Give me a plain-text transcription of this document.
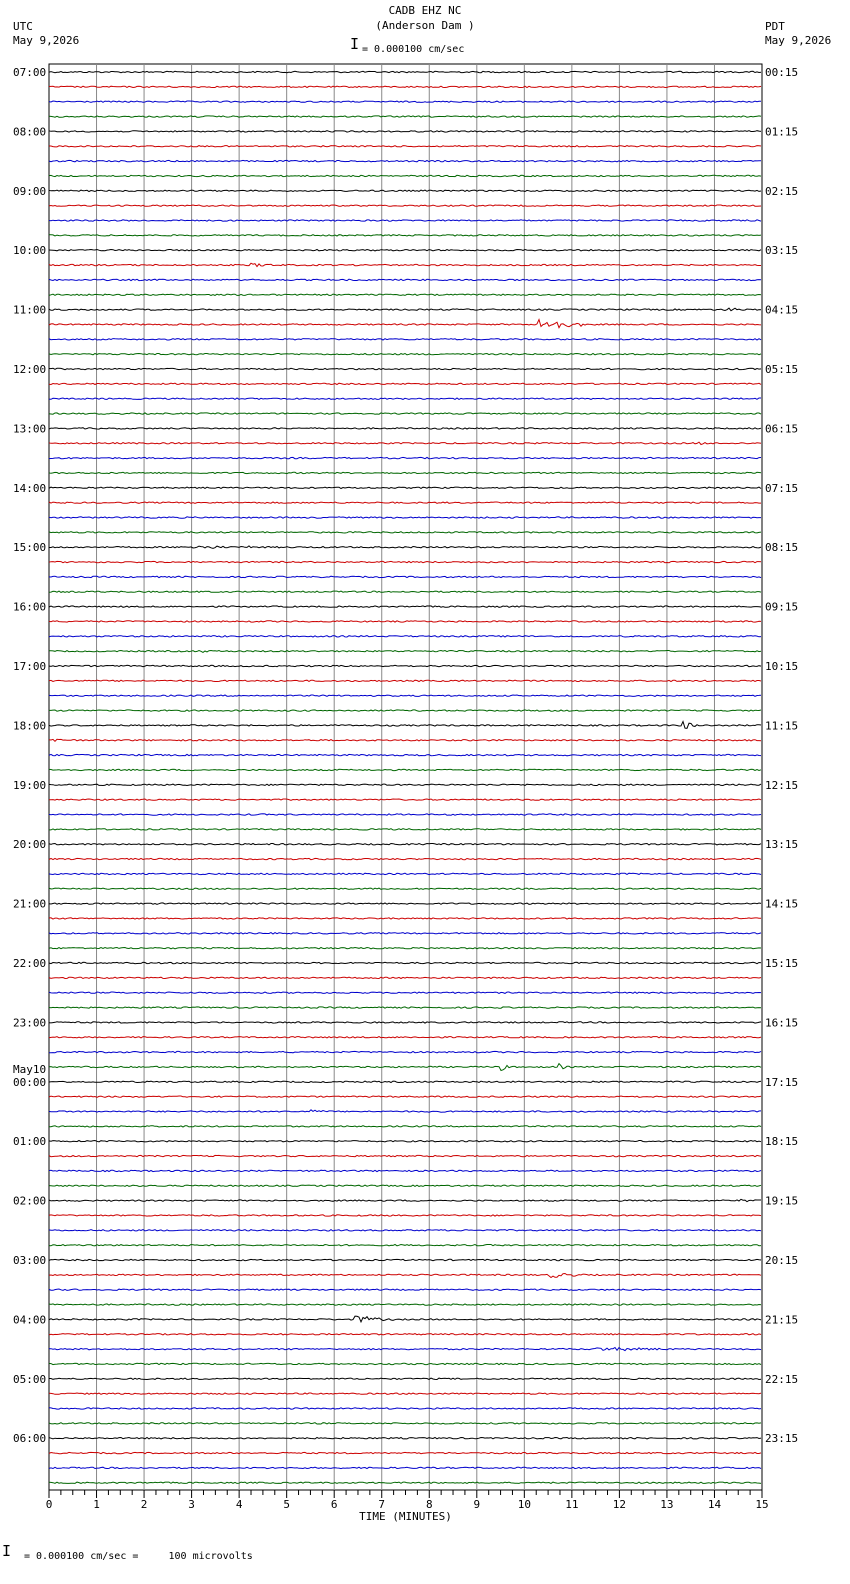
CADB EHZ NC
(Anderson Dam )
I = 0.000100 cm/sec
UTC
May 9,2026
PDT
May 9,2026
07:00	00:15
08:00	01:15
09:00	02:15
10:00	03:15
11:00	04:15
12:00	05:15
13:00	06:15
14:00	07:15
15:00	08:15
16:00	09:15
17:00	10:15
18:00	11:15
19:00	12:15
20:00	13:15
21:00	14:15
22:00	15:15
23:00	16:15
May10
00:00	17:15
01:00	18:15
02:00	19:15
03:00	20:15
04:00	21:15
05:00	22:15
06:00	23:15
0	1	2	3	4	5	6	7	8	9	10	11	12	13	14	15
TIME (MINUTES)
I = 0.000100 cm/sec =     100 microvolts
